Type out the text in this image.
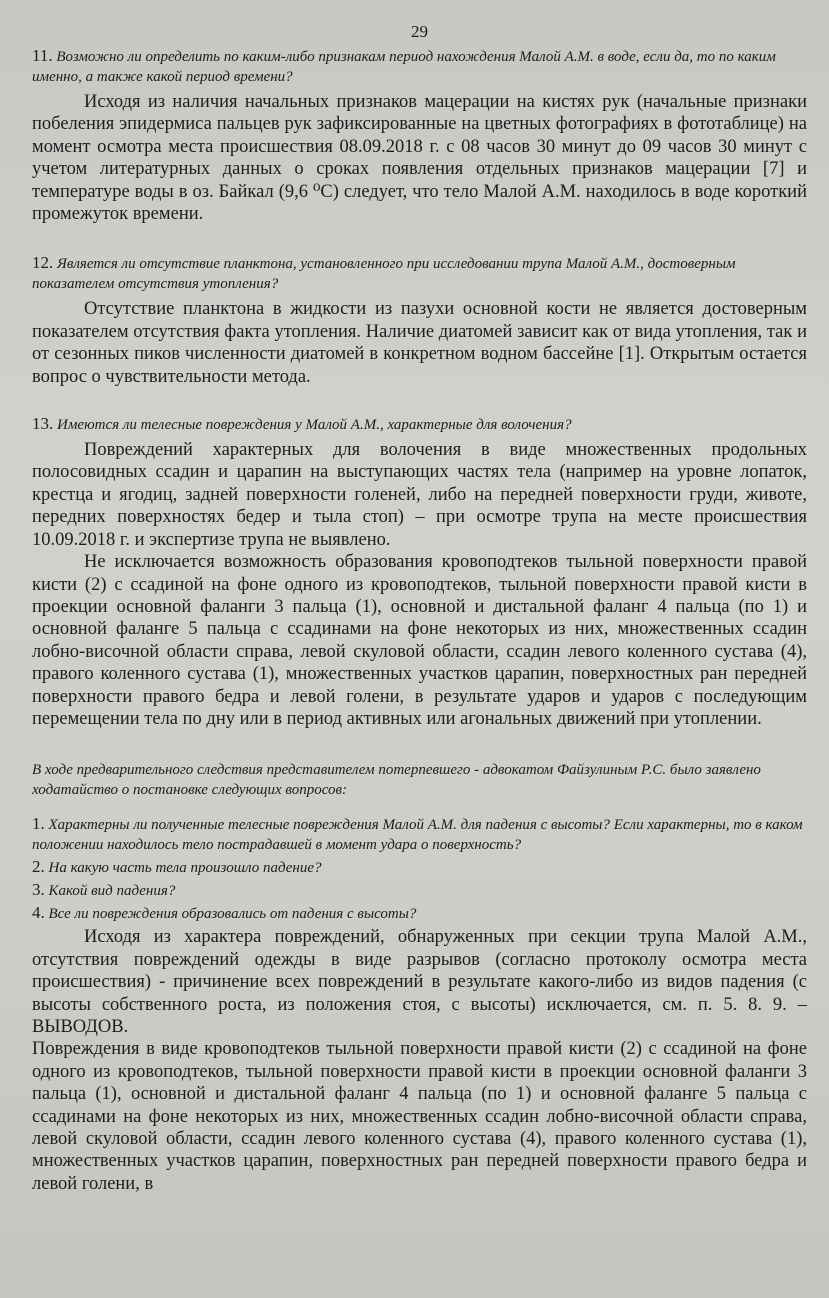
29
11. Возможно ли определить по каким-либо признакам период нахождения Малой А.М. в воде, если да, то по каким именно, а также какой период времени?

Исходя из наличия начальных признаков мацерации на кистях рук (начальные признаки побеления эпидермиса пальцев рук зафиксированные на цветных фотографиях в фототаблице) на момент осмотра места происшествия 08.09.2018 г. с 08 часов 30 минут до 09 часов 30 минут с учетом литературных данных о сроках появления отдельных признаков мацерации [7] и температуре воды в оз. Байкал (9,6 ⁰С) следует, что тело Малой А.М. находилось в воде короткий промежуток времени.

12. Является ли отсутствие планктона, установленного при исследовании трупа Малой А.М., достоверным показателем отсутствия утопления?

Отсутствие планктона в жидкости из пазухи основной кости не является достоверным показателем отсутствия факта утопления. Наличие диатомей зависит как от вида утопления, так и от сезонных пиков численности диатомей в конкретном водном бассейне [1]. Открытым остается вопрос о чувствительности метода.

13. Имеются ли телесные повреждения у Малой А.М., характерные для волочения?

Повреждений характерных для волочения в виде множественных продольных полосовидных ссадин и царапин на выступающих частях тела (например на уровне лопаток, крестца и ягодиц, задней поверхности голеней, либо на передней поверхности груди, животе, передних поверхностях бедер и тыла стоп) – при осмотре трупа на месте происшествия 10.09.2018 г. и экспертизе трупа не выявлено.

Не исключается возможность образования кровоподтеков тыльной поверхности правой кисти (2) с ссадиной на фоне одного из кровоподтеков, тыльной поверхности правой кисти в проекции основной фаланги 3 пальца (1), основной и дистальной фаланг 4 пальца (по 1) и основной фаланге 5 пальца с ссадинами на фоне некоторых из них, множественных ссадин лобно-височной области справа, левой скуловой области, ссадин левого коленного сустава (4), правого коленного сустава (1), множественных участков царапин, поверхностных ран передней поверхности правого бедра и левой голени, в результате ударов и ударов с последующим перемещении тела по дну или в период активных или агональных движений при утоплении.

В ходе предварительного следствия представителем потерпевшего - адвокатом Файзулиным Р.С. было заявлено ходатайство о постановке следующих вопросов:
1. Характерны ли полученные телесные повреждения Малой А.М. для падения с высоты? Если характерны, то в каком положении находилось тело пострадавшей в момент удара о поверхность?
2. На какую часть тела произошло падение?
3. Какой вид падения?
4. Все ли повреждения образовались от падения с высоты?

Исходя из характера повреждений, обнаруженных при секции трупа Малой А.М., отсутствия повреждений одежды в виде разрывов (согласно протоколу осмотра места происшествия) - причинение всех повреждений в результате какого-либо из видов падения (с высоты собственного роста, из положения стоя, с высоты) исключается, см. п. 5. 8. 9. – ВЫВОДОВ.

Повреждения в виде кровоподтеков тыльной поверхности правой кисти (2) с ссадиной на фоне одного из кровоподтеков, тыльной поверхности правой кисти в проекции основной фаланги 3 пальца (1), основной и дистальной фаланг 4 пальца (по 1) и основной фаланге 5 пальца с ссадинами на фоне некоторых из них, множественных ссадин лобно-височной области справа, левой скуловой области, ссадин левого коленного сустава (4), правого коленного сустава (1), множественных участков царапин, поверхностных ран передней поверхности правого бедра и левой голени, в
